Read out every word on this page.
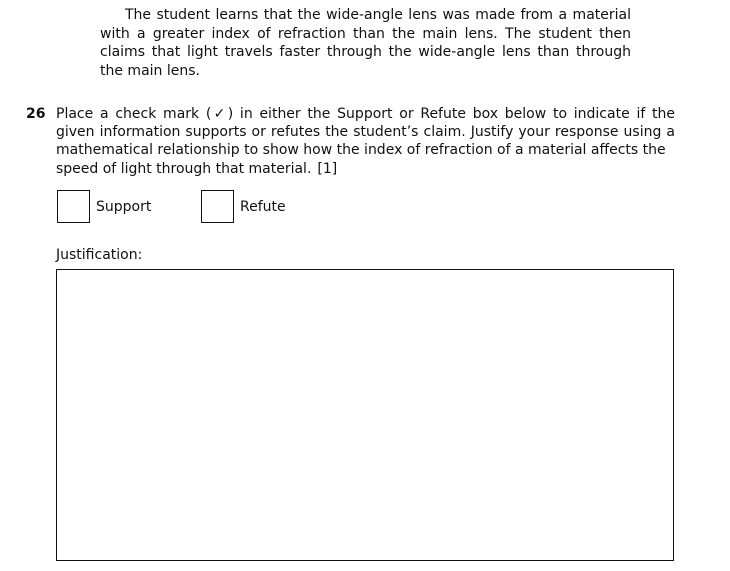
The student learns that the wide-angle lens was made from a material with a greater index of refraction than the main lens. The student then claims that light travels faster through the wide-angle lens than through the main lens.
26 Place a check mark (✓) in either the Support or Refute box below to indicate if the given information supports or refutes the student’s claim. Justify your response using a mathematical relationship to show how the index of refraction of a material affects the
speed of light through that material. [1]
Support	Refute
Justification:
